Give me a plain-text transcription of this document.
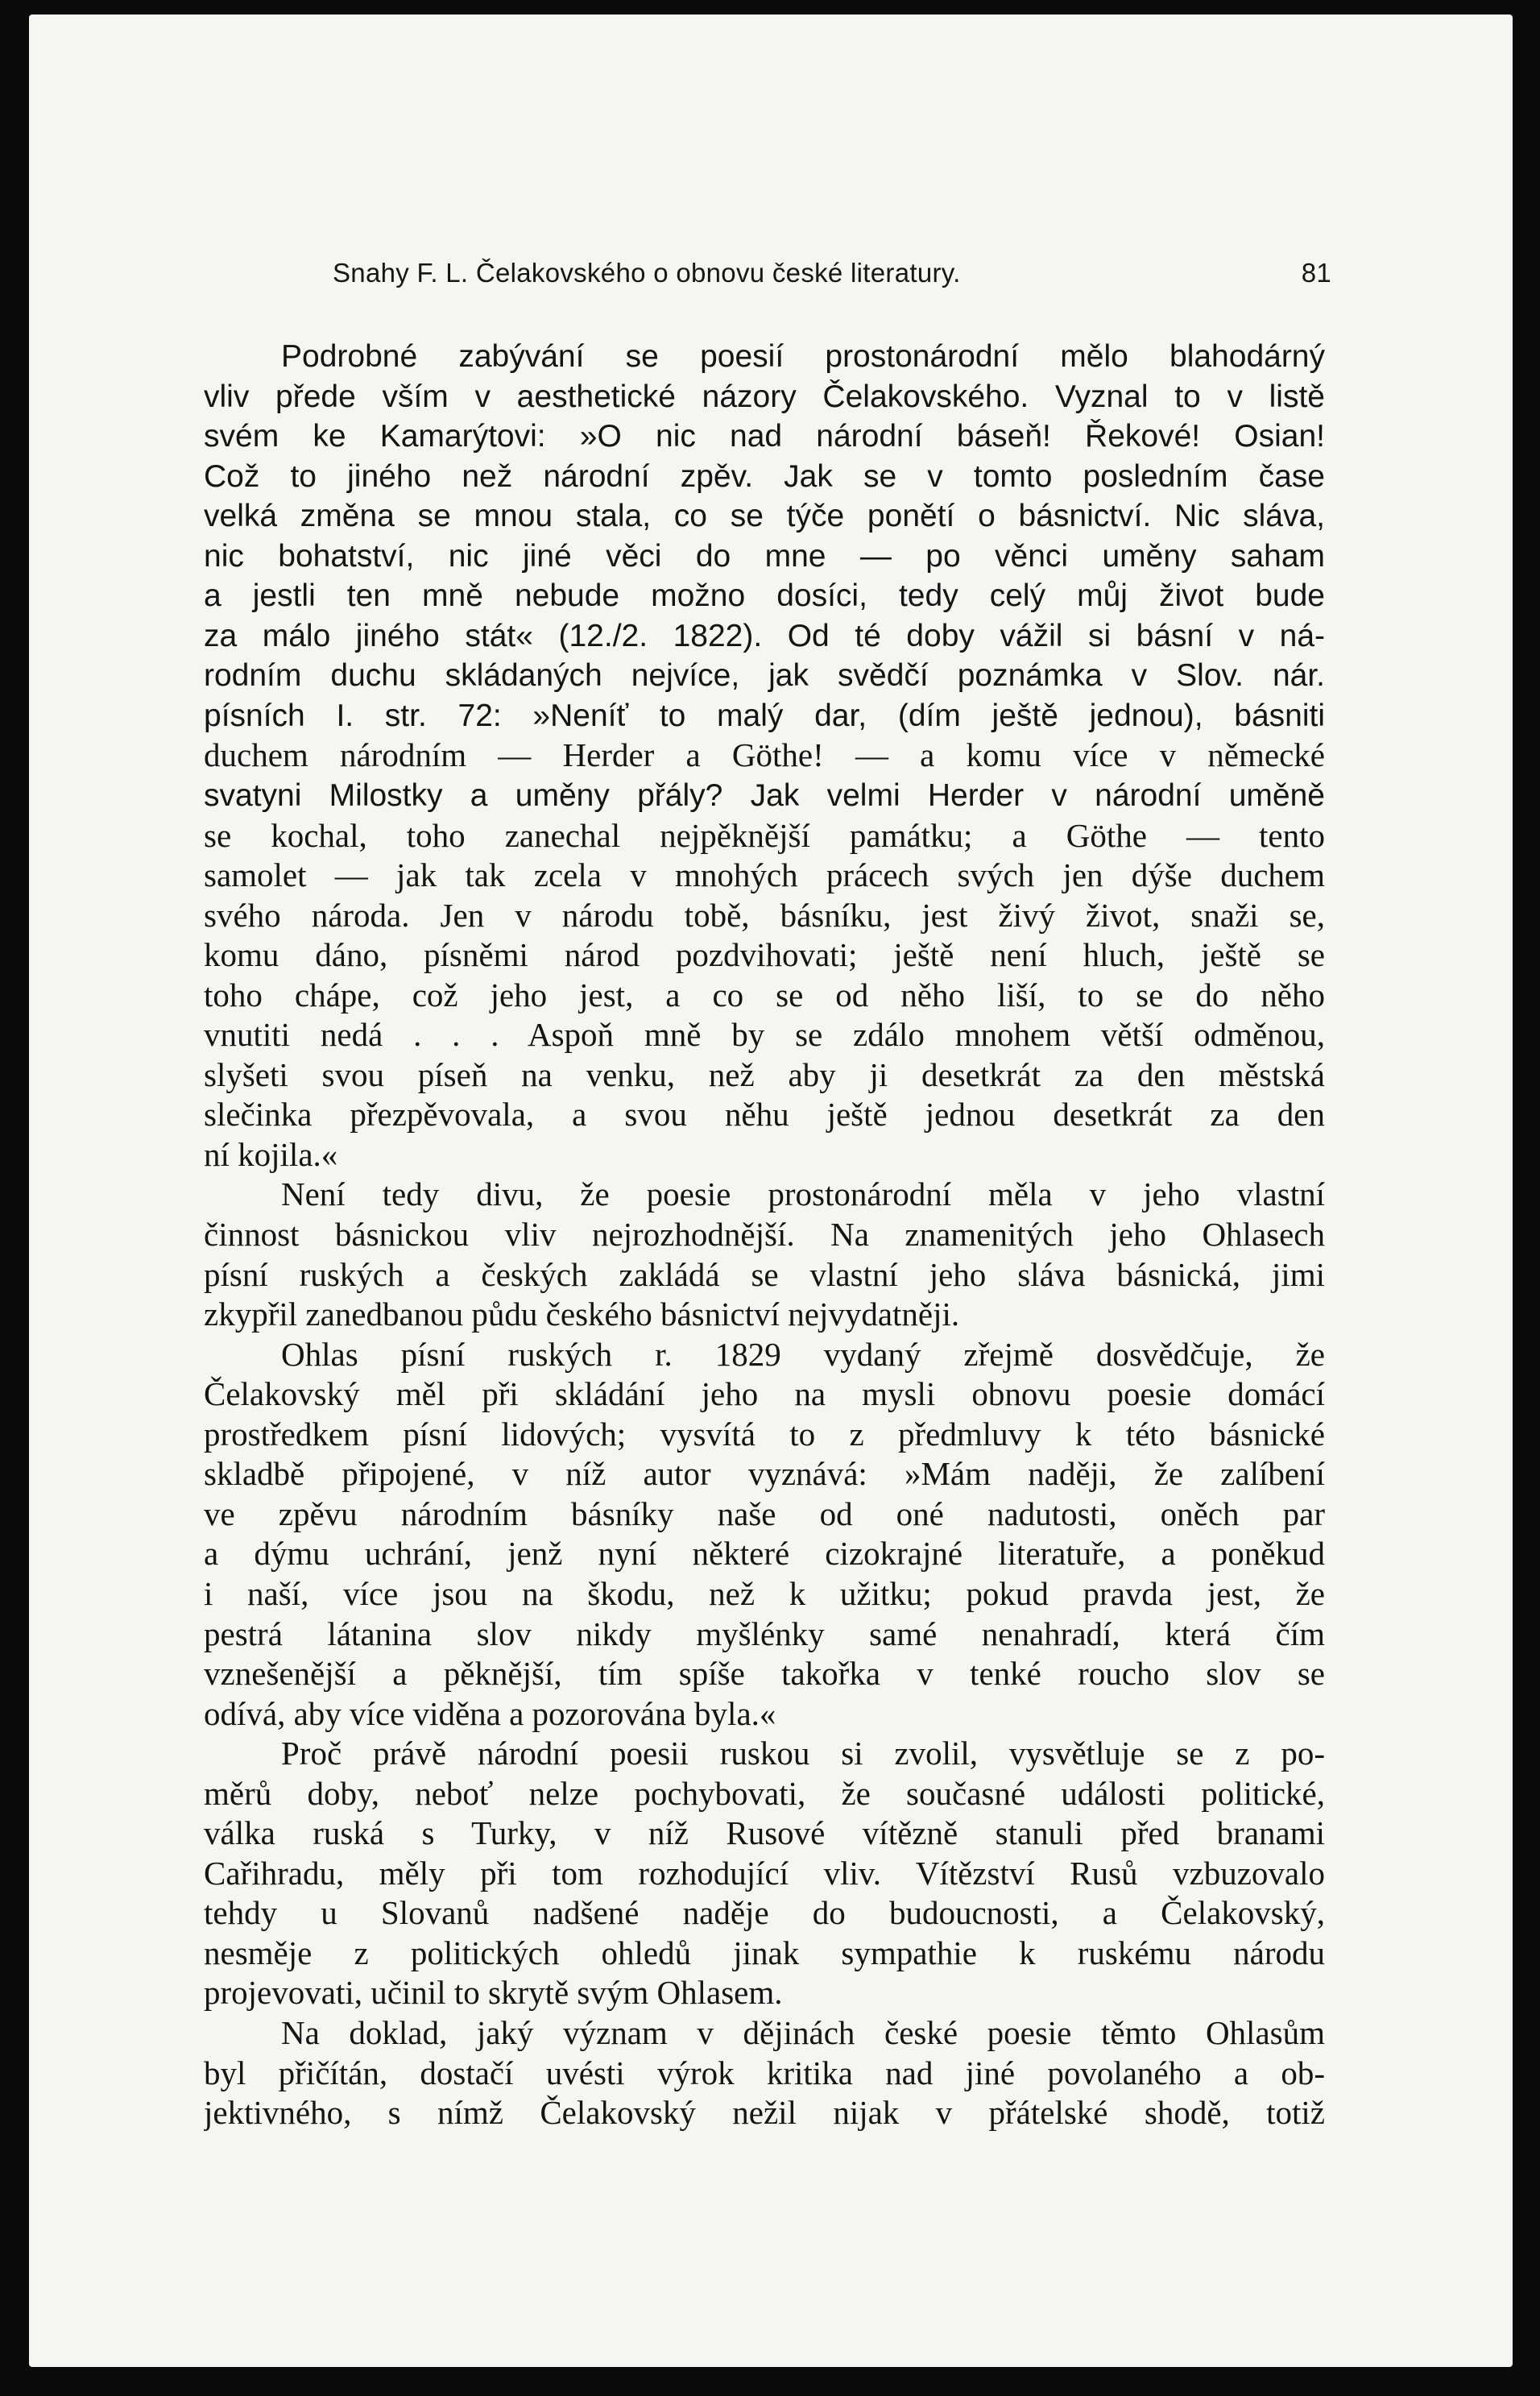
Snahy F. L. Čelakovského o obnovu české literatury.	81
Podrobné zabývání se poesií prostonárodní mělo blahodárný
vliv přede vším v aesthetické názory Čelakovského. Vyznal to v listě
svém ke Kamarýtovi: »O nic nad národní báseň! Řekové! Osian!
Což to jiného než národní zpěv. Jak se v tomto posledním čase
velká změna se mnou stala, co se týče ponětí o básnictví. Nic sláva,
nic bohatství, nic jiné věci do mne — po věnci uměny saham
a jestli ten mně nebude možno dosíci, tedy celý můj život bude
za málo jiného stát« (12./2. 1822). Od té doby vážil si básní v ná-
rodním duchu skládaných nejvíce, jak svědčí poznámka v Slov. nár.
písních I. str. 72: »Neníť to malý dar, (dím ještě jednou), básniti
duchem národním — Herder a Göthe! — a komu více v německé
svatyni Milostky a uměny přály? Jak velmi Herder v národní uměně
se kochal, toho zanechal nejpěknější památku; a Göthe — tento
samolet — jak tak zcela v mnohých prácech svých jen dýše duchem
svého národa. Jen v národu tobě, básníku, jest živý život, snaži se,
komu dáno, písněmi národ pozdvihovati; ještě není hluch, ještě se
toho chápe, což jeho jest, a co se od něho liší, to se do něho
vnutiti nedá . . . Aspoň mně by se zdálo mnohem větší odměnou,
slyšeti svou píseň na venku, než aby ji desetkrát za den městská
slečinka přezpěvovala, a svou něhu ještě jednou desetkrát za den
ní kojila.«
Není tedy divu, že poesie prostonárodní měla v jeho vlastní
činnost básnickou vliv nejrozhodnější. Na znamenitých jeho Ohlasech
písní ruských a českých zakládá se vlastní jeho sláva básnická, jimi
zkypřil zanedbanou půdu českého básnictví nejvydatněji.
Ohlas písní ruských r. 1829 vydaný zřejmě dosvědčuje, že
Čelakovský měl při skládání jeho na mysli obnovu poesie domácí
prostředkem písní lidových; vysvítá to z předmluvy k této básnické
skladbě připojené, v níž autor vyznává: »Mám naději, že zalíbení
ve zpěvu národním básníky naše od oné nadutosti, oněch par
a dýmu uchrání, jenž nyní některé cizokrajné literatuře, a poněkud
i naší, více jsou na škodu, než k užitku; pokud pravda jest, že
pestrá látanina slov nikdy myšlénky samé nenahradí, která čím
vznešenější a pěknější, tím spíše takořka v tenké roucho slov se
odívá, aby více viděna a pozorována byla.«
Proč právě národní poesii ruskou si zvolil, vysvětluje se z po-
měrů doby, neboť nelze pochybovati, že současné události politické,
válka ruská s Turky, v níž Rusové vítězně stanuli před branami
Cařihradu, měly při tom rozhodující vliv. Vítězství Rusů vzbuzovalo
tehdy u Slovanů nadšené naděje do budoucnosti, a Čelakovský,
nesměje z politických ohledů jinak sympathie k ruskému národu
projevovati, učinil to skrytě svým Ohlasem.
Na doklad, jaký význam v dějinách české poesie těmto Ohlasům
byl přičítán, dostačí uvésti výrok kritika nad jiné povolaného a ob-
jektivného, s nímž Čelakovský nežil nijak v přátelské shodě, totiž
